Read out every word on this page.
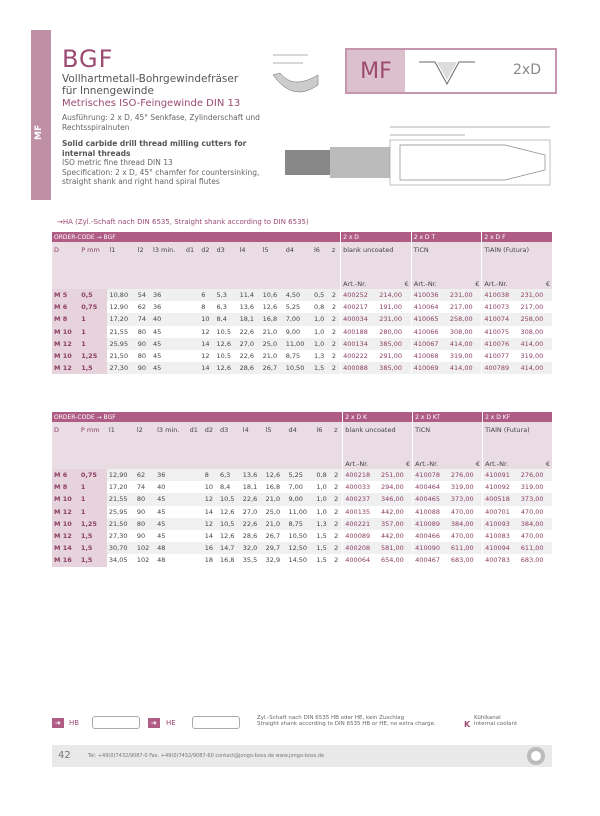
MF
BGF
Vollhartmetall-Bohrgewindefräser für Innengewinde
Metrisches ISO-Feingewinde DIN 13
Ausführung: 2 x D, 45° Senkfase, Zylinderschaft und Rechtsspiralnuten
Solid carbide drill thread milling cutters for internal threads
ISO metric fine thread DIN 13
Specification: 2 x D, 45° chamfer for countersinking, straight shank and right hand spiral flutes
MF	2xD
→HA (Zyl.-Schaft nach DIN 6535, Straight shank according to DIN 6535)
ORDER-CODE → BGF													2 x D		2 x D T		2 x D F	
D	P mm	l1	l2	l3 min.	d1	d2	d3	l4	l5	d4	l6	z	blank uncoated		TiCN		TiAlN (Futura)	
													Art.-Nr.	€	Art.-Nr.	€	Art.-Nr.	€
M 5	0,5	10,80	54	36		6	5,3	11,4	10,6	4,50	0,5	2	400252	214,00	410036	231,00	410038	231,00
M 6	0,75	12,90	62	36		8	6,3	13,6	12,6	5,25	0,8	2	400217	191,00	410064	217,00	410073	217,00
M 8	1	17,20	74	40		10	8,4	18,1	16,8	7,00	1,0	2	400034	231,00	410065	258,00	410074	258,00
M 10	1	21,55	80	45		12	10,5	22,6	21,0	9,00	1,0	2	400188	280,00	410066	308,00	410075	308,00
M 12	1	25,95	90	45		14	12,6	27,0	25,0	11,00	1,0	2	400134	385,00	410067	414,00	410076	414,00
M 10	1,25	21,50	80	45		12	10,5	22,6	21,0	8,75	1,3	2	400222	291,00	410068	319,00	410077	319,00
M 12	1,5	27,30	90	45		14	12,6	28,6	26,7	10,50	1,5	2	400088	385,00	410069	414,00	400789	414,00
ORDER-CODE → BGF													2 x D K		2 x D KT		2 x D KF	
D	P mm	l1	l2	l3 min.	d1	d2	d3	l4	l5	d4	l6	z	blank uncoated		TiCN		TiAlN (Futura)	
													Art.-Nr.	€	Art.-Nr.	€	Art.-Nr.	€
M 6	0,75	12,90	62	36		8	6,3	13,6	12,6	5,25	0,8	2	400218	251,00	410078	276,00	410091	276,00
M 8	1	17,20	74	40		10	8,4	18,1	16,8	7,00	1,0	2	400033	294,00	400464	319,00	410092	319,00
M 10	1	21,55	80	45		12	10,5	22,6	21,0	9,00	1,0	2	400237	346,00	400465	373,00	400518	373,00
M 12	1	25,95	90	45		14	12,6	27,0	25,0	11,00	1,0	2	400135	442,00	410088	470,00	400701	470,00
M 10	1,25	21,50	80	45		12	10,5	22,6	21,0	8,75	1,3	2	400221	357,00	410089	384,00	410093	384,00
M 12	1,5	27,30	90	45		14	12,6	28,6	26,7	10,50	1,5	2	400089	442,00	400466	470,00	410083	470,00
M 14	1,5	30,70	102	48		16	14,7	32,0	29,7	12,50	1,5	2	400208	581,00	410090	611,00	410094	611,00
M 16	1,5	34,05	102	48		18	16,8	35,5	32,9	14,50	1,5	2	400064	654,00	400467	683,00	400783	683,00
➜	HB	➜	HE
Zyl.-Schaft nach DIN 6535 HB oder HE, kein Zuschlag
Straight shank according to DIN 6535 HB or HE, no extra charge.	K
Kühlkanal
internal coolant
42	Tel. +49(0)7432/9087-0 Fax. +49(0)7432/9087-60 contact@jongo-boss.de www.jongo-boss.de
